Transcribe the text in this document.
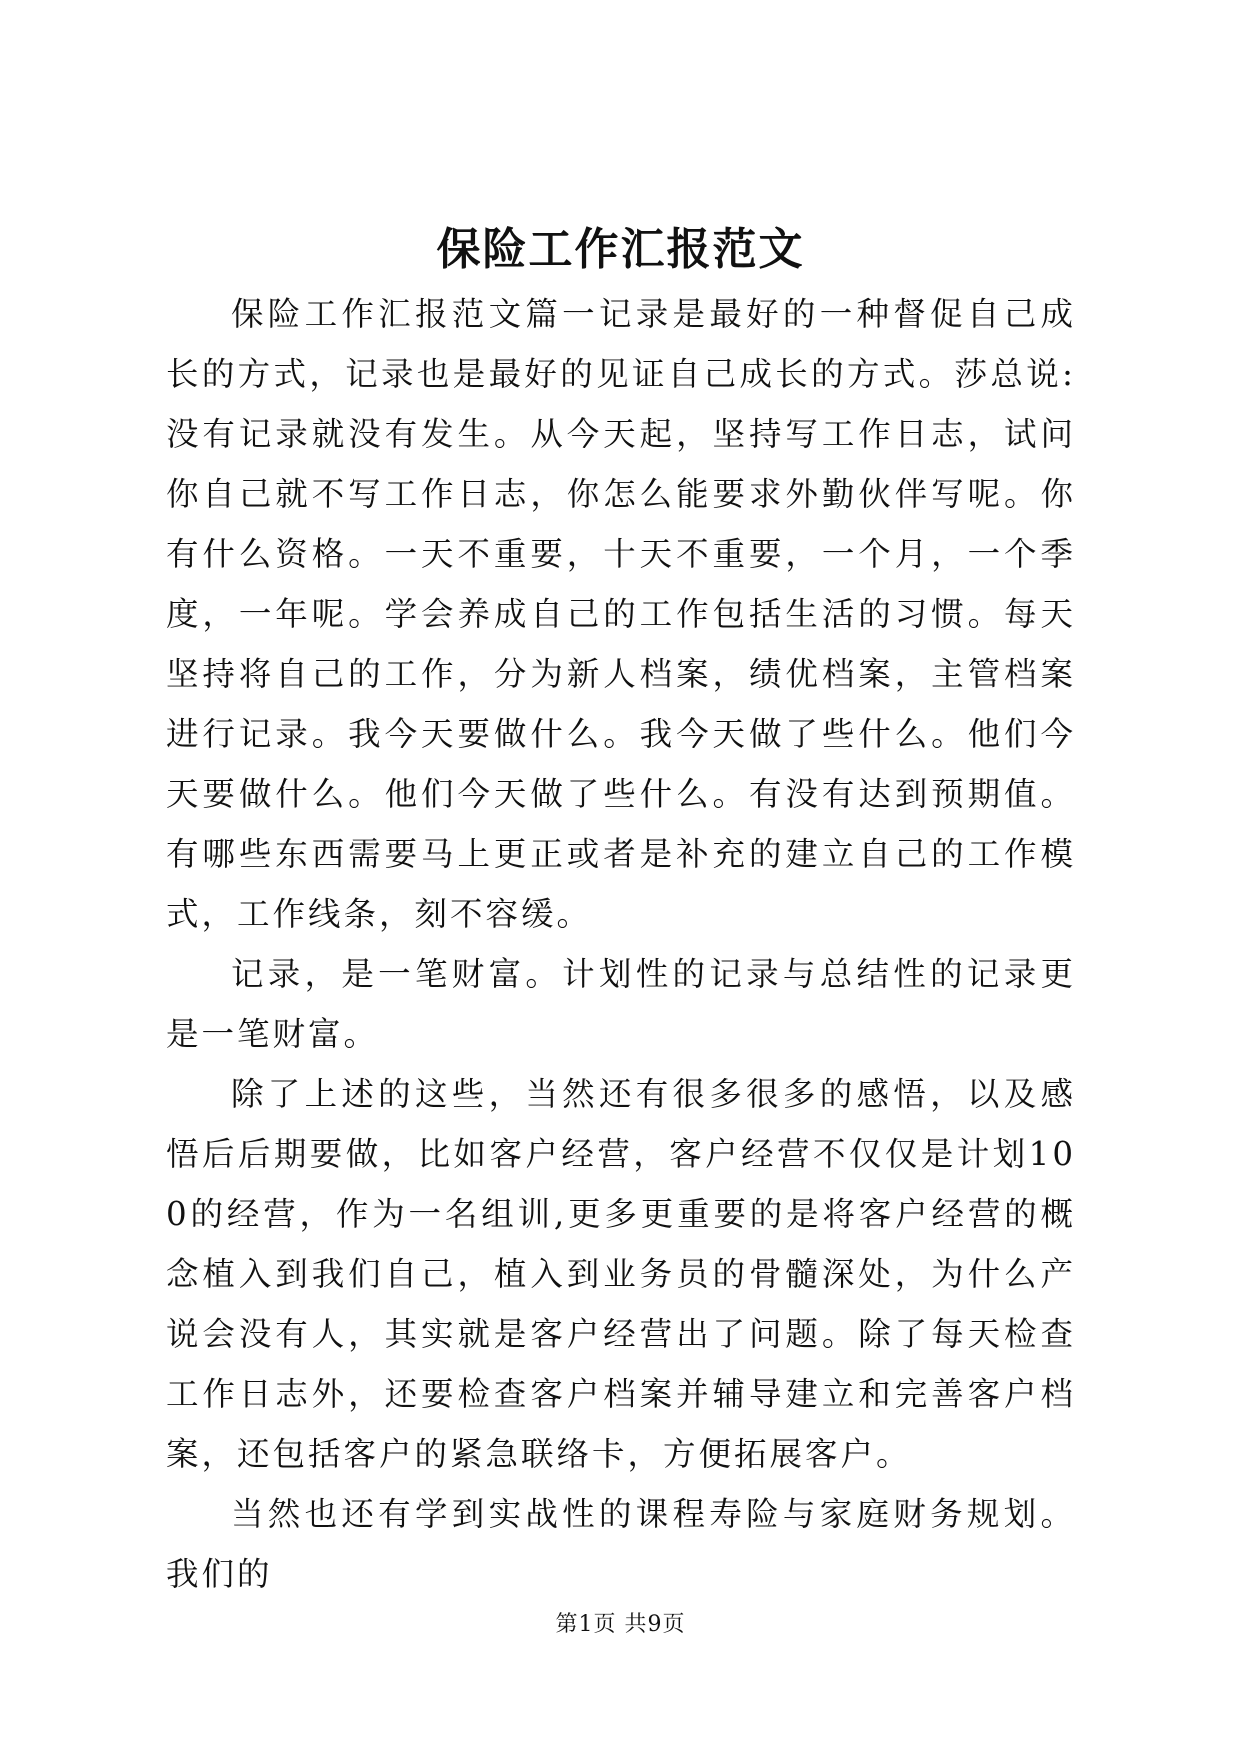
保险工作汇报范文

保险工作汇报范文篇一记录是最好的一种督促自己成长的方式，记录也是最好的见证自己成长的方式。莎总说:没有记录就没有发生。从今天起，坚持写工作日志，试问你自己就不写工作日志，你怎么能要求外勤伙伴写呢。你有什么资格。一天不重要，十天不重要，一个月，一个季度，一年呢。学会养成自己的工作包括生活的习惯。每天坚持将自己的工作，分为新人档案，绩优档案，主管档案进行记录。我今天要做什么。我今天做了些什么。他们今天要做什么。他们今天做了些什么。有没有达到预期值。有哪些东西需要马上更正或者是补充的建立自己的工作模式，工作线条，刻不容缓。

记录，是一笔财富。计划性的记录与总结性的记录更是一笔财富。

除了上述的这些，当然还有很多很多的感悟，以及感悟后后期要做，比如客户经营，客户经营不仅仅是计划100的经营，作为一名组训,更多更重要的是将客户经营的概念植入到我们自己，植入到业务员的骨髓深处，为什么产说会没有人，其实就是客户经营出了问题。除了每天检查工作日志外，还要检查客户档案并辅导建立和完善客户档案，还包括客户的紧急联络卡，方便拓展客户。

当然也还有学到实战性的课程寿险与家庭财务规划。我们的

第1页 共9页
